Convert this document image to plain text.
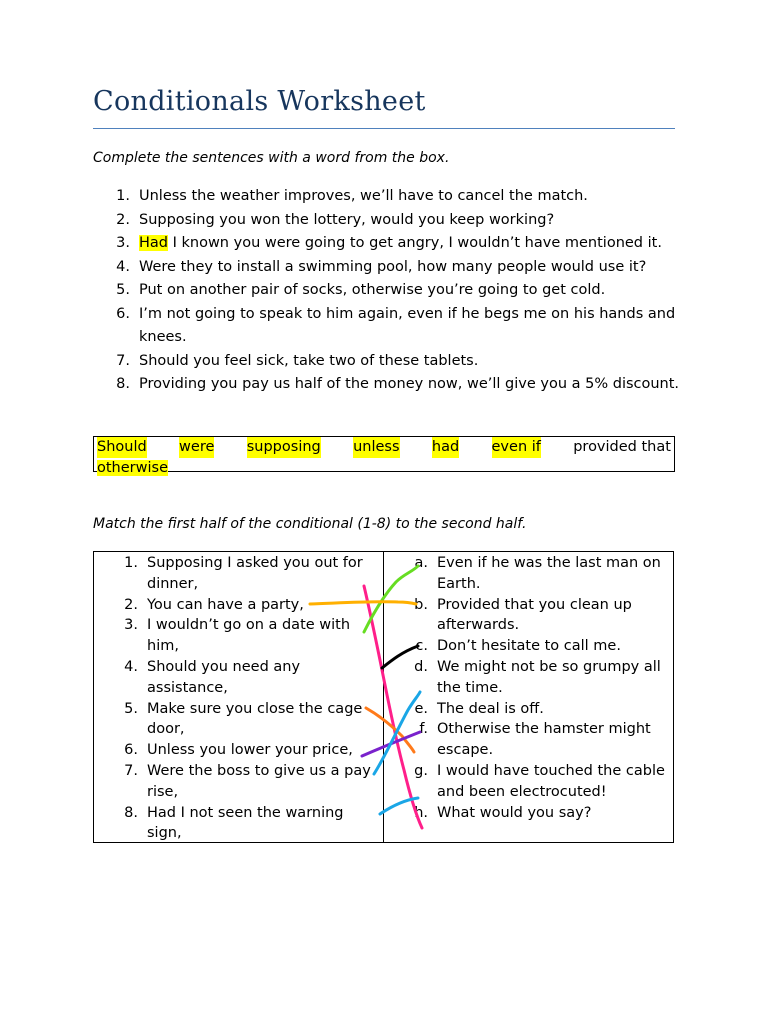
Conditionals Worksheet
Complete the sentences with a word from the box.
1. Unless the weather improves, we’ll have to cancel the match.
2. Supposing you won the lottery, would you keep working?
3. Had I known you were going to get angry, I wouldn’t have mentioned it.
4. Were they to install a swimming pool, how many people would use it?
5. Put on another pair of socks, otherwise you’re going to get cold.
6. I’m not going to speak to him again, even if he begs me on his hands and knees.
7. Should you feel sick, take two of these tablets.
8. Providing you pay us half of the money now, we’ll give you a 5% discount.
Should were supposing unless had even if provided that
otherwise
Match the first half of the conditional (1-8) to the second half.
1. Supposing I asked you out for dinner,
2. You can have a party,
3. I wouldn’t go on a date with him,
4. Should you need any assistance,
5. Make sure you close the cage door,
6. Unless you lower your price,
7. Were the boss to give us a pay rise,
8. Had I not seen the warning sign,
a. Even if he was the last man on Earth.
b. Provided that you clean up afterwards.
c. Don’t hesitate to call me.
d. We might not be so grumpy all the time.
e. The deal is off.
f. Otherwise the hamster might escape.
g. I would have touched the cable and been electrocuted!
h. What would you say?
